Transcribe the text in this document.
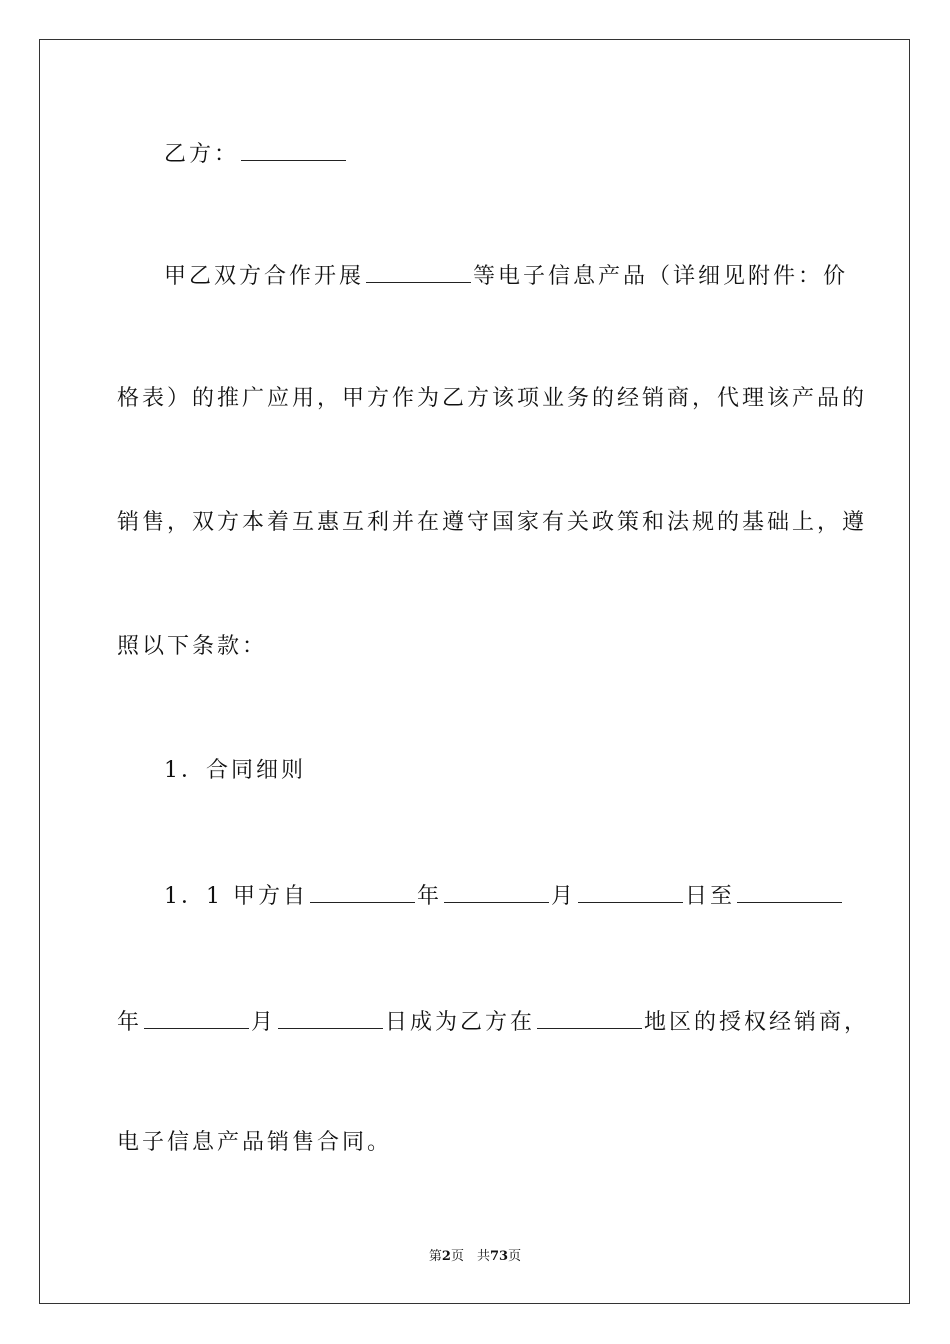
乙方：
甲乙双方合作开展	等电子信息产品（详细见附件：价
格表）的推广应用，甲方作为乙方该项业务的经销商，代理该产品的
销售，双方本着互惠互利并在遵守国家有关政策和法规的基础上，遵
照以下条款：
1．合同细则
1．1 甲方自	年	月	日至
年	月	日成为乙方在	地区的授权经销商，
电子信息产品销售合同。
第2页　共73页
